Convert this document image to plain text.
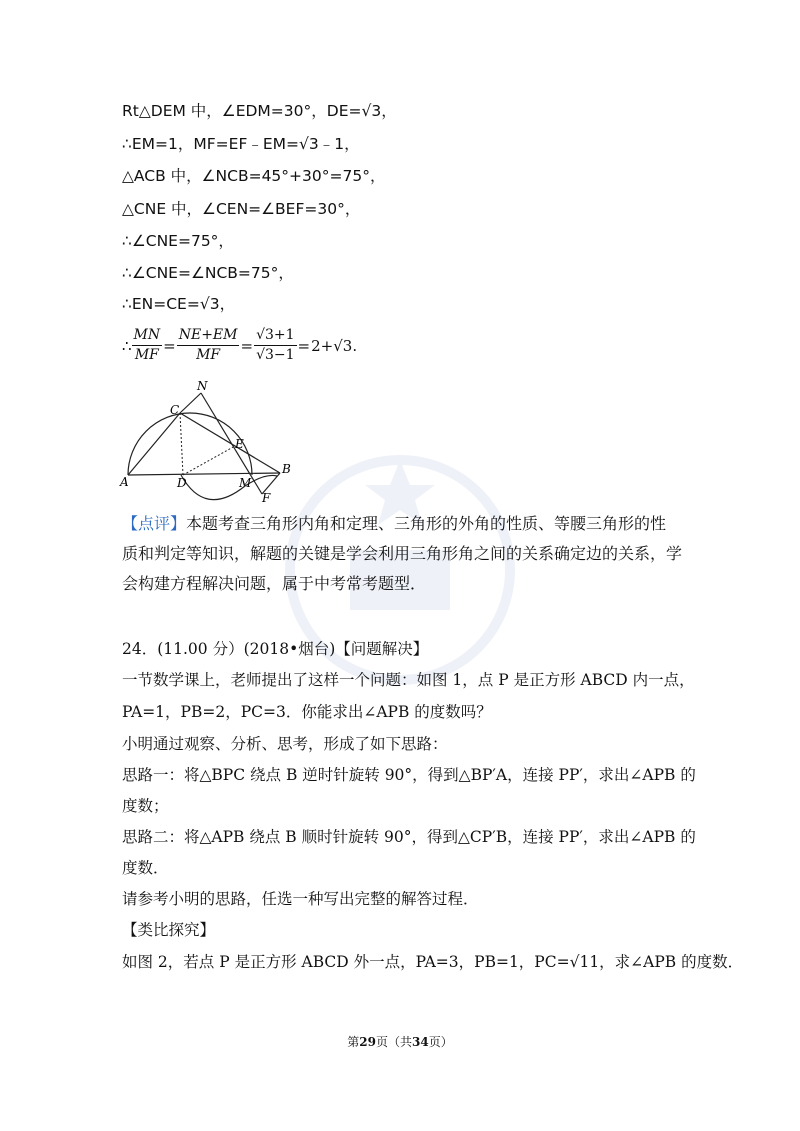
Rt△DEM 中，∠EDM=30°，DE=√3，
∴EM=1，MF=EF﹣EM=√3﹣1，
△ACB 中，∠NCB=45°+30°=75°，
△CNE 中，∠CEN=∠BEF=30°，
∴∠CNE=75°，
∴∠CNE=∠NCB=75°，
∴EN=CE=√3，
∴ $\frac{MN}{MF} = \frac{NE+EM}{MF} = \frac{√3+1}{√3-1} = 2+√3$.
N
C
E
B
A	D	M
F
【点评】本题考查三角形内角和定理、三角形的外角的性质、等腰三角形的性质和判定等知识，解题的关键是学会利用三角形角之间的关系确定边的关系，学会构建方程解决问题，属于中考常考题型．
24．(11.00 分）(2018•烟台)【问题解决】
一节数学课上，老师提出了这样一个问题：如图 1，点 P 是正方形 ABCD 内一点，
PA=1，PB=2，PC=3．你能求出∠APB 的度数吗？
小明通过观察、分析、思考，形成了如下思路：
思路一：将△BPC 绕点 B 逆时针旋转 90°，得到△BP′A，连接 PP′，求出∠APB 的
度数；
思路二：将△APB 绕点 B 顺时针旋转 90°，得到△CP′B，连接 PP′，求出∠APB 的
度数．
请参考小明的思路，任选一种写出完整的解答过程．
【类比探究】
如图 2，若点 P 是正方形 ABCD 外一点，PA=3，PB=1，PC=√11，求∠APB 的度数．
第29页（共34页）
